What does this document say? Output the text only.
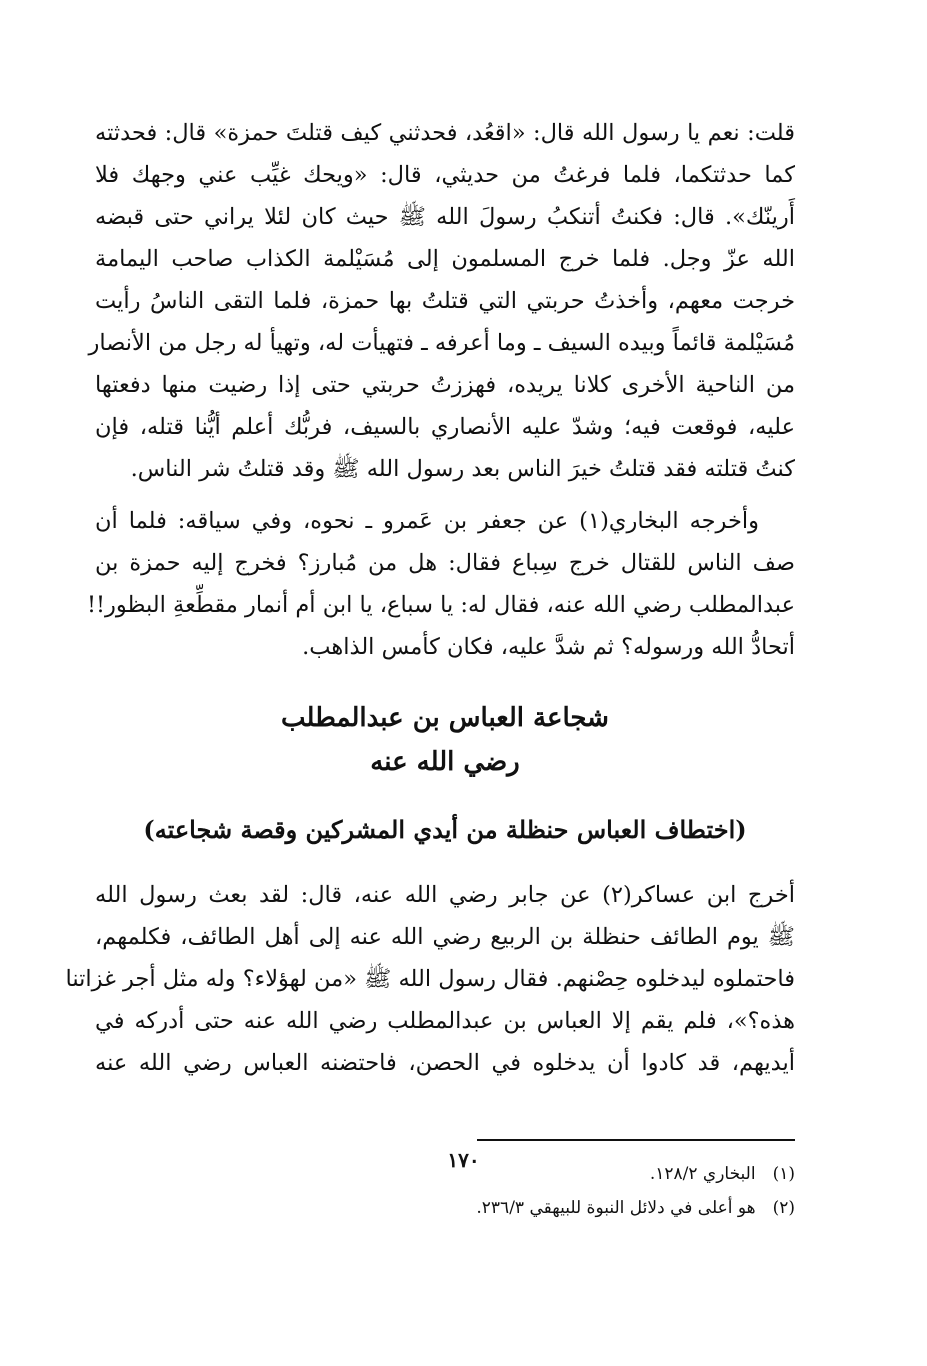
قلت: نعم يا رسول الله قال: «اقعُد، فحدثني كيف قتلتَ حمزة» قال: فحدثته
كما حدثتكما، فلما فرغتُ من حديثي، قال: «ويحك غيِّب عني وجهك فلا
أَرينّك». قال: فكنتُ أتنكبُ رسولَ الله ﷺ حيث كان لئلا يراني حتى قبضه
الله عزّ وجل. فلما خرج المسلمون إلى مُسَيْلمة الكذاب صاحب اليمامة
خرجت معهم، وأخذتُ حربتي التي قتلتُ بها حمزة، فلما التقى الناسُ رأيت
مُسَيْلمة قائماً وبيده السيف ـ وما أعرفه ـ فتهيأت له، وتهيأ له رجل من الأنصار
من الناحية الأخرى كلانا يريده، فهززتُ حربتي حتى إذا رضيت منها دفعتها
عليه، فوقعت فيه؛ وشدّ عليه الأنصاري بالسيف، فربُّك أعلم أيُّنا قتله، فإن
كنتُ قتلته فقد قتلتُ خيرَ الناس بعد رسول الله ﷺ وقد قتلتُ شر الناس.

وأخرجه البخاري(١) عن جعفر بن عَمرو ـ نحوه، وفي سياقه: فلما أن
صف الناس للقتال خرج سِباع فقال: هل من مُبارز؟ فخرج إليه حمزة بن
عبدالمطلب رضي الله عنه، فقال له: يا سباع، يا ابن أم أنمار مقطِّعةِ البظور!!
أتحادُّ الله ورسوله؟ ثم شدَّ عليه، فكان كأمس الذاهب.

شجاعة العباس بن عبدالمطلب

رضي الله عنه

(اختطاف العباس حنظلة من أيدي المشركين وقصة شجاعته)

أخرج ابن عساكر(٢) عن جابر رضي الله عنه، قال: لقد بعث رسول الله
ﷺ يوم الطائف حنظلة بن الربيع رضي الله عنه إلى أهل الطائف، فكلمهم،
فاحتملوه ليدخلوه حِصْنهم. فقال رسول الله ﷺ «من لهؤلاء؟ وله مثل أجر غزاتنا
هذه؟»، فلم يقم إلا العباس بن عبدالمطلب رضي الله عنه حتى أدركه في
أيديهم، قد كادوا أن يدخلوه في الحصن، فاحتضنه العباس رضي الله عنه

(١) البخاري ١٢٨/٢.
(٢) هو أعلى في دلائل النبوة للبيهقي ٢٣٦/٣.
١٧٠
